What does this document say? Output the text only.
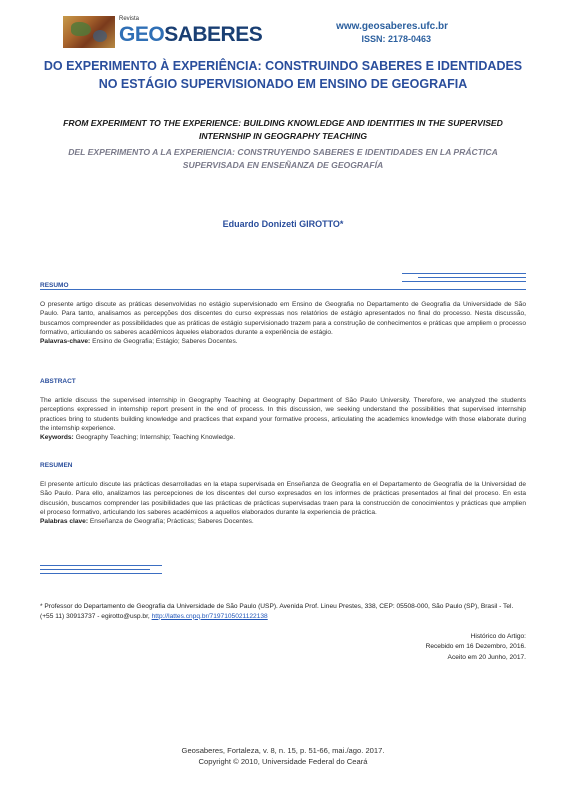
Revista
GEOSABERES	www.geosaberes.ufc.br
ISSN: 2178-0463
DO EXPERIMENTO À EXPERIÊNCIA: CONSTRUINDO SABERES E IDENTIDADES NO ESTÁGIO SUPERVISIONADO EM ENSINO DE GEOGRAFIA
FROM EXPERIMENT TO THE EXPERIENCE: BUILDING KNOWLEDGE AND IDENTITIES IN THE SUPERVISED INTERNSHIP IN GEOGRAPHY TEACHING
DEL EXPERIMENTO A LA EXPERIENCIA: CONSTRUYENDO SABERES E IDENTIDADES EN LA PRÁCTICA SUPERVISADA EN ENSEÑANZA DE GEOGRAFÍA
Eduardo Donizeti GIROTTO*
RESUMO
O presente artigo discute as práticas desenvolvidas no estágio supervisionado em Ensino de Geografia no Departamento de Geografia da Universidade de São Paulo. Para tanto, analisamos as percepções dos discentes do curso expressas nos relatórios de estágio apresentados no final do processo. Nesta discussão, buscamos compreender as possibilidades que as práticas de estágio supervisionado trazem para a construção de conhecimentos e práticas que ampliem o processo formativo, articulando os saberes acadêmicos àqueles elaborados durante a experiência de estágio.
Palavras-chave: Ensino de Geografia; Estágio; Saberes Docentes.
ABSTRACT
The article discuss the supervised internship in Geography Teaching at Geography Department of São Paulo University. Therefore, we analyzed the students perceptions expressed in internship report present in the end of process. In this discussion, we seeking understand the possibilities that supervised internship practices bring to students building knowledge and practices that expand your formative process, articulating the academics knowledge with those elaborate during the internship experience.
Keywords: Geography Teaching; Internship; Teaching Knowledge.
RESUMEN
El presente artículo discute las prácticas desarrolladas en la etapa supervisada en Enseñanza de Geografía en el Departamento de Geografía de la Universidad de São Paulo. Para ello, analizamos las percepciones de los discentes del curso expresados en los informes de prácticas presentados al final del proceso. En esta discusión, buscamos comprender las posibilidades que las prácticas de prácticas supervisadas traen para la construcción de conocimientos y prácticas que amplien el proceso formativo, articulando los saberes académicos a aquellos elaborados durante la experiencia de práctica.
Palabras clave: Enseñanza de Geografía; Prácticas; Saberes Docentes.
* Professor do Departamento de Geografia da Universidade de São Paulo (USP). Avenida Prof. Lineu Prestes, 338, CEP: 05508-000, São Paulo (SP), Brasil - Tel. (+55 11) 30913737 - egirotto@usp.br, http://lattes.cnpq.br/7197105021122138
Histórico do Artigo:
Recebido em 16 Dezembro, 2016.
Aceito em 20 Junho, 2017.
Geosaberes, Fortaleza, v. 8, n. 15, p. 51-66, mai./ago. 2017.
Copyright © 2010, Universidade Federal do Ceará
